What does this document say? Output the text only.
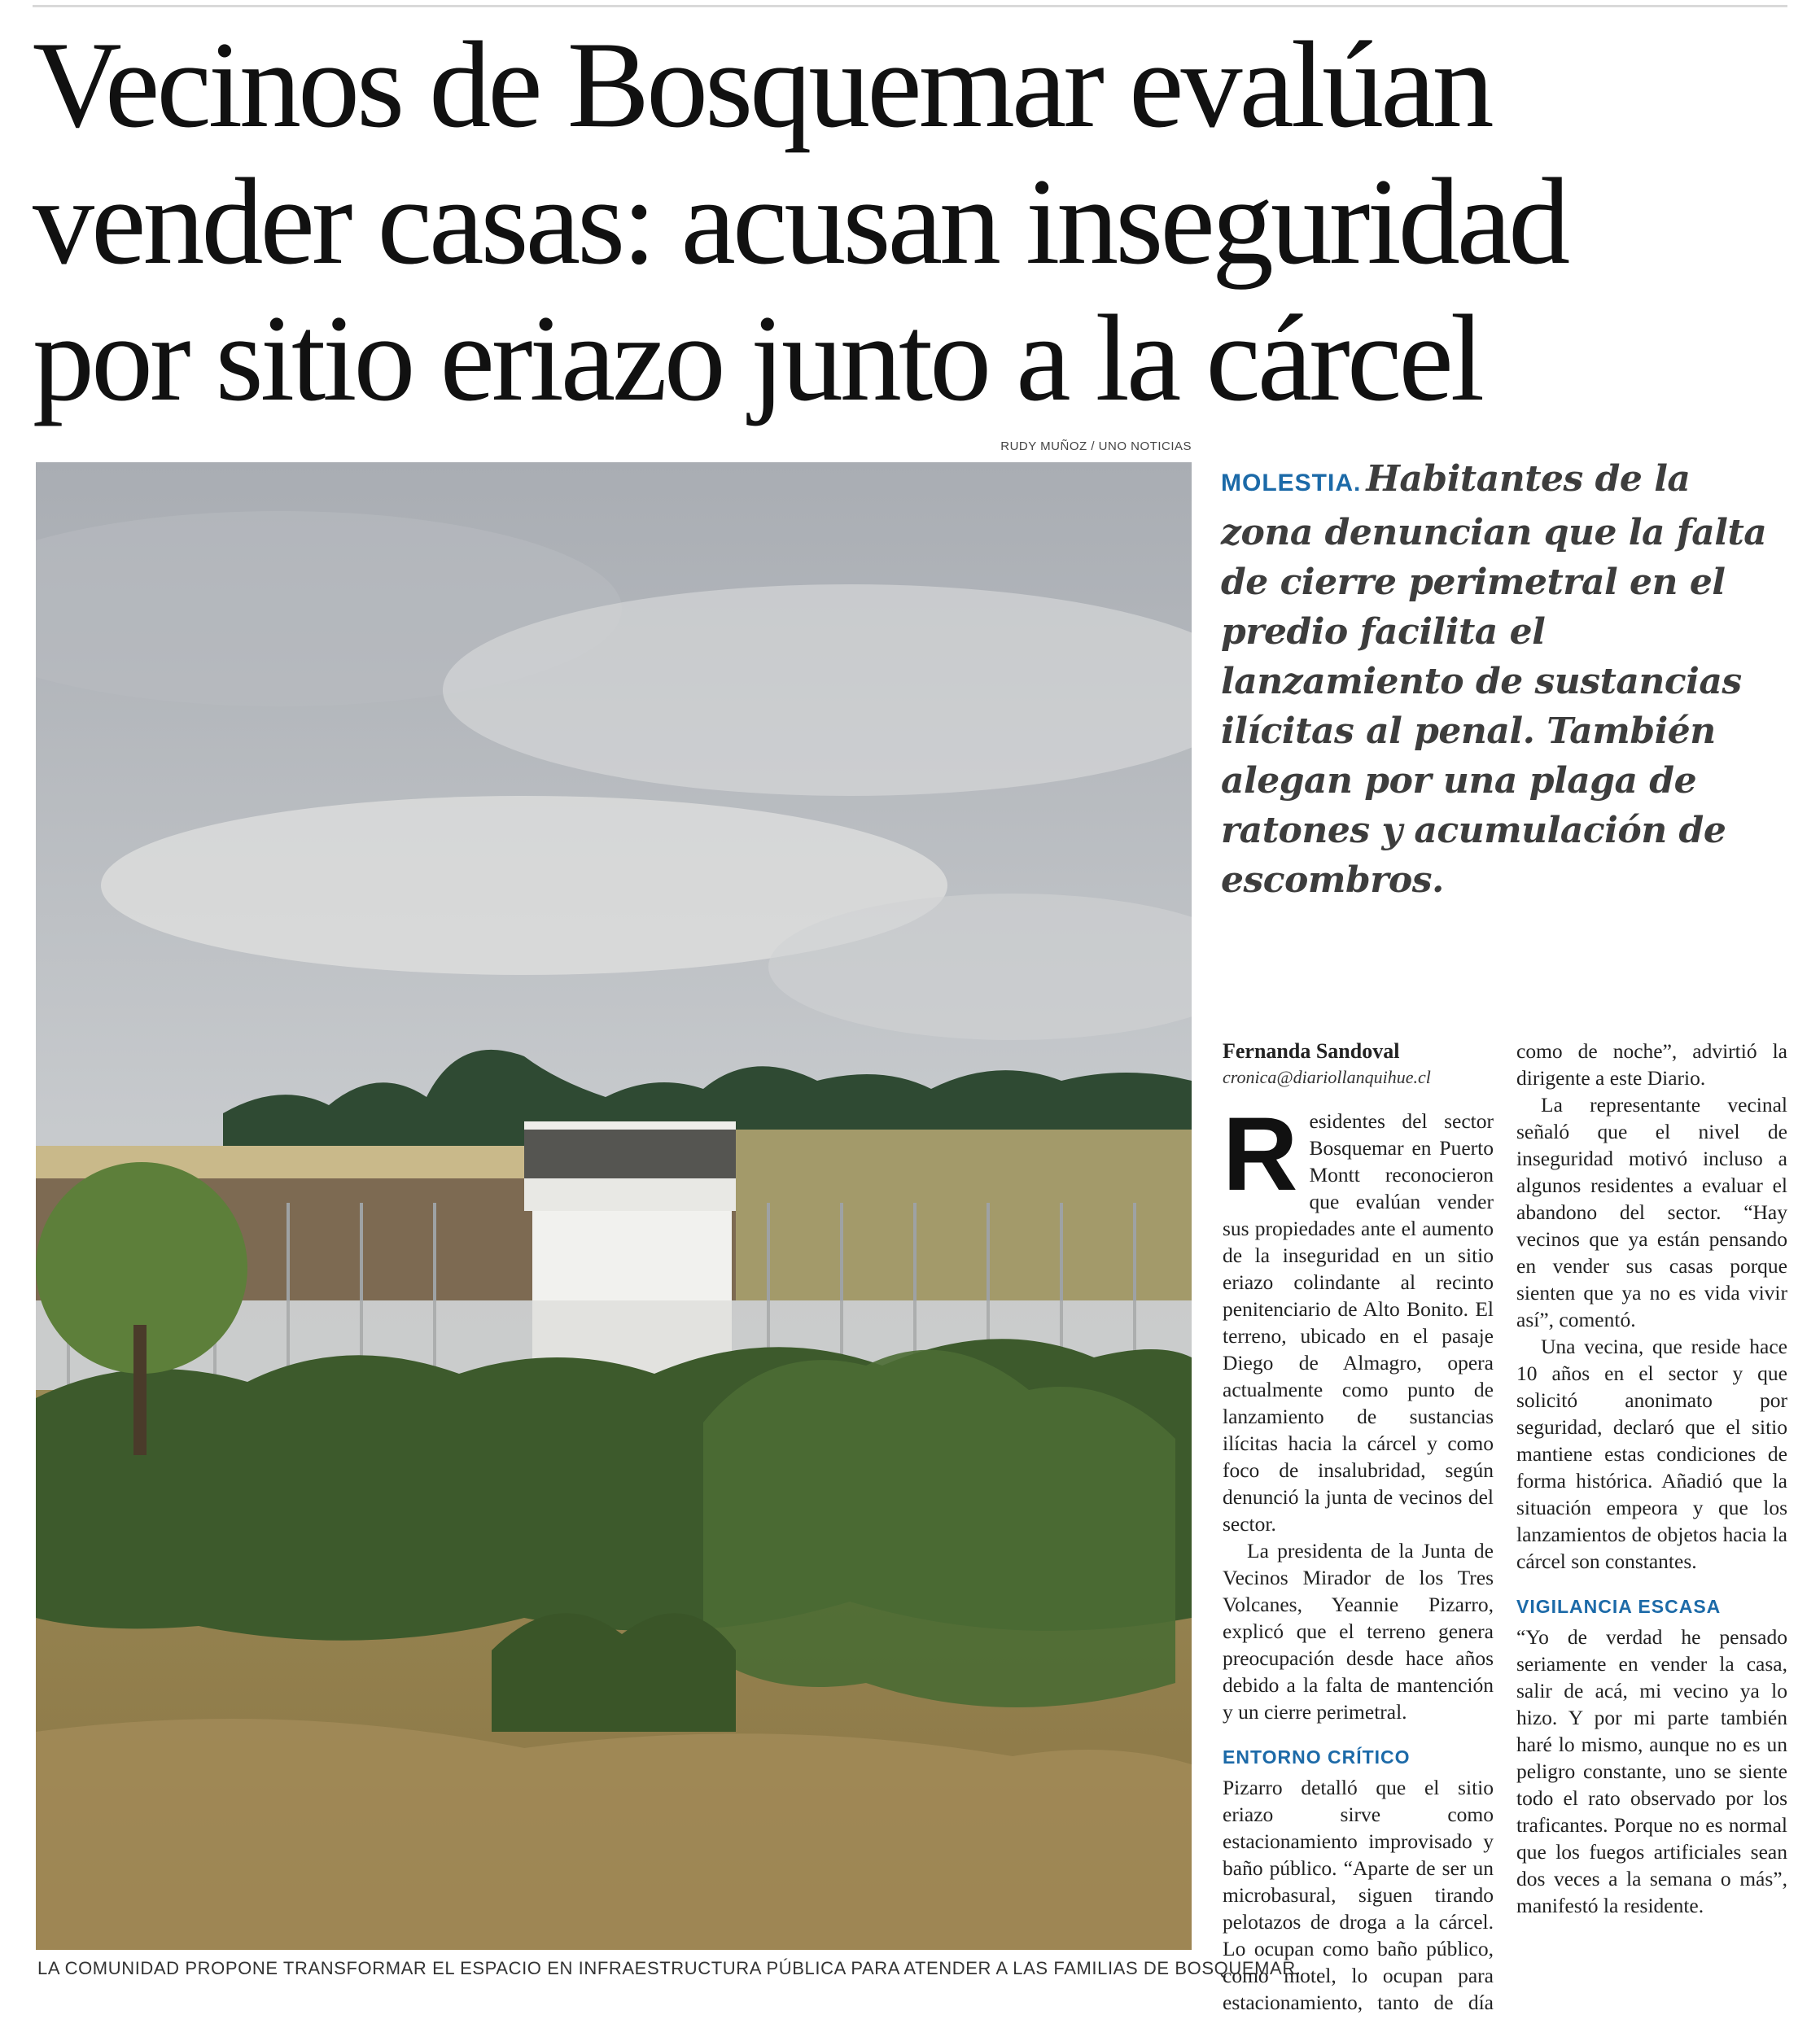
Vecinos de Bosquemar evalúan
vender casas: acusan inseguridad
por sitio eriazo junto a la cárcel
RUDY MUÑOZ / UNO NOTICIAS
LA COMUNIDAD PROPONE TRANSFORMAR EL ESPACIO EN INFRAESTRUCTURA PÚBLICA PARA ATENDER A LAS FAMILIAS DE BOSQUEMAR.

MOLESTIA. Habitantes de la zona denuncian que la falta de cierre perimetral en el predio facilita el lanzamiento de sustancias ilícitas al penal. También alegan por una plaga de ratones y acumulación de escombros.

Fernanda Sandoval

cronica@diariollanquihue.cl

Residentes del sector Bosquemar en Puerto Montt reconocieron que evalúan vender sus propiedades ante el aumento de la inseguridad en un sitio eriazo colindante al recinto penitenciario de Alto Bonito. El terreno, ubicado en el pasaje Diego de Almagro, opera actualmente como punto de lanzamiento de sustancias ilícitas hacia la cárcel y como foco de insalubridad, según denunció la junta de vecinos del sector.

La presidenta de la Junta de Vecinos Mirador de los Tres Volcanes, Yeannie Pizarro, explicó que el terreno genera preocupación desde hace años debido a la falta de mantención y un cierre perimetral.

ENTORNO CRÍTICO

Pizarro detalló que el sitio eriazo sirve como estacionamiento improvisado y baño público. “Aparte de ser un microbasural, siguen tirando pelotazos de droga a la cárcel. Lo ocupan como baño público, como motel, lo ocupan para estacionamiento, tanto de día como de noche”, advirtió la dirigente a este Diario.

La representante vecinal señaló que el nivel de inseguridad motivó incluso a algunos residentes a evaluar el abandono del sector. “Hay vecinos que ya están pensando en vender sus casas porque sienten que ya no es vida vivir así”, comentó.

Una vecina, que reside hace 10 años en el sector y que solicitó anonimato por seguridad, declaró que el sitio mantiene estas condiciones de forma histórica. Añadió que la situación empeora y que los lanzamientos de objetos hacia la cárcel son constantes.

VIGILANCIA ESCASA

“Yo de verdad he pensado seriamente en vender la casa, salir de acá, mi vecino ya lo hizo. Y por mi parte también haré lo mismo, aunque no es un peligro constante, uno se siente todo el rato observado por los traficantes. Porque no es normal que los fuegos artificiales sean dos veces a la semana o más”, manifestó la residente.
